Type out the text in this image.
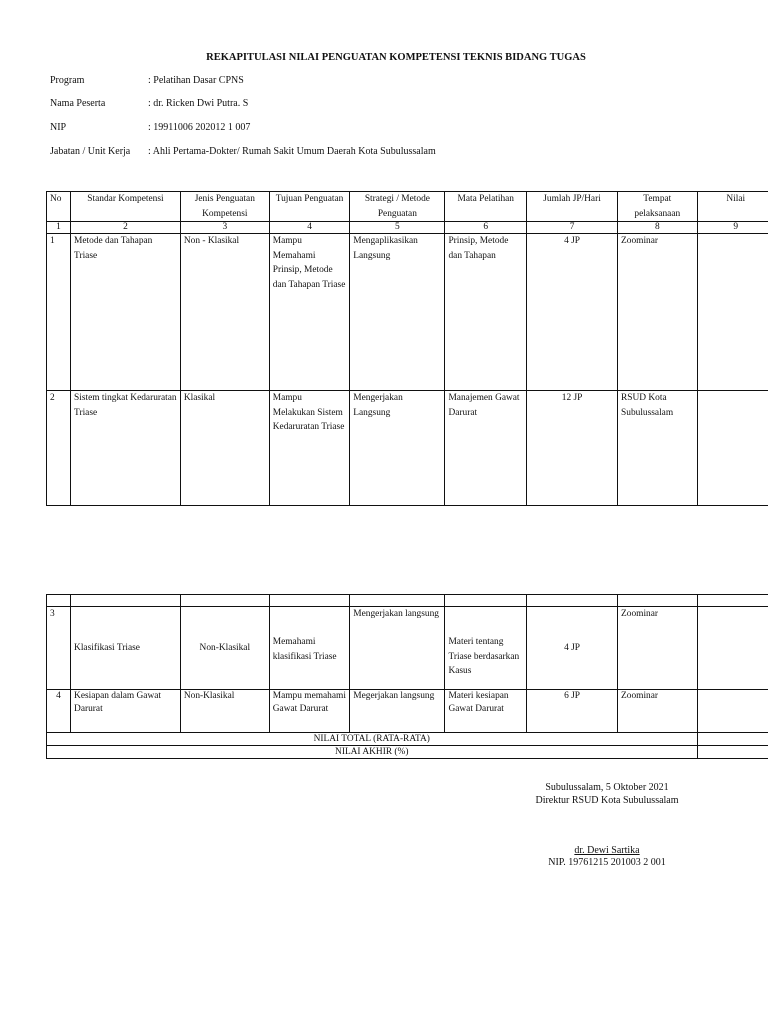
REKAPITULASI NILAI PENGUATAN KOMPETENSI TEKNIS BIDANG TUGAS
Program	: Pelatihan Dasar CPNS
Nama Peserta	: dr. Ricken Dwi Putra. S
NIP	: 19911006 202012 1 007
Jabatan / Unit Kerja : Ahli Pertama-Dokter/ Rumah Sakit Umum Daerah Kota Subulussalam
No	Standar Kompetensi	Jenis Penguatan Kompetensi	Tujuan Penguatan	Strategi / Metode Penguatan	Mata Pelatihan	Jumlah JP/Hari	Tempat pelaksanaan	Nilai
1	2	3	4	5	6	7	8	9
1	Metode dan Tahapan Triase	Non - Klasikal	Mampu Memahami Prinsip, Metode dan Tahapan Triase	Mengaplikasikan Langsung	Prinsip, Metode dan Tahapan	4 JP	Zoominar	
2	Sistem tingkat Kedaruratan Triase	Klasikal	Mampu Melakukan Sistem Kedaruratan Triase	Mengerjakan Langsung	Manajemen Gawat Darurat	12 JP	RSUD Kota Subulussalam	

3	Klasifikasi Triase	Non-Klasikal	Memahami klasifikasi Triase	Mengerjakan langsung	Materi tentang Triase berdasarkan Kasus	4 JP	Zoominar	
4	Kesiapan dalam Gawat Darurat	Non-Klasikal	Mampu memahami Gawat Darurat	Megerjakan langsung	Materi kesiapan Gawat Darurat	6 JP	Zoominar	
NILAI TOTAL (RATA-RATA)								
NILAI AKHIR (%)								
Subulussalam, 5 Oktober 2021
Direktur RSUD Kota Subulussalam
dr. Dewi Sartika
NIP. 19761215 201003 2 001
